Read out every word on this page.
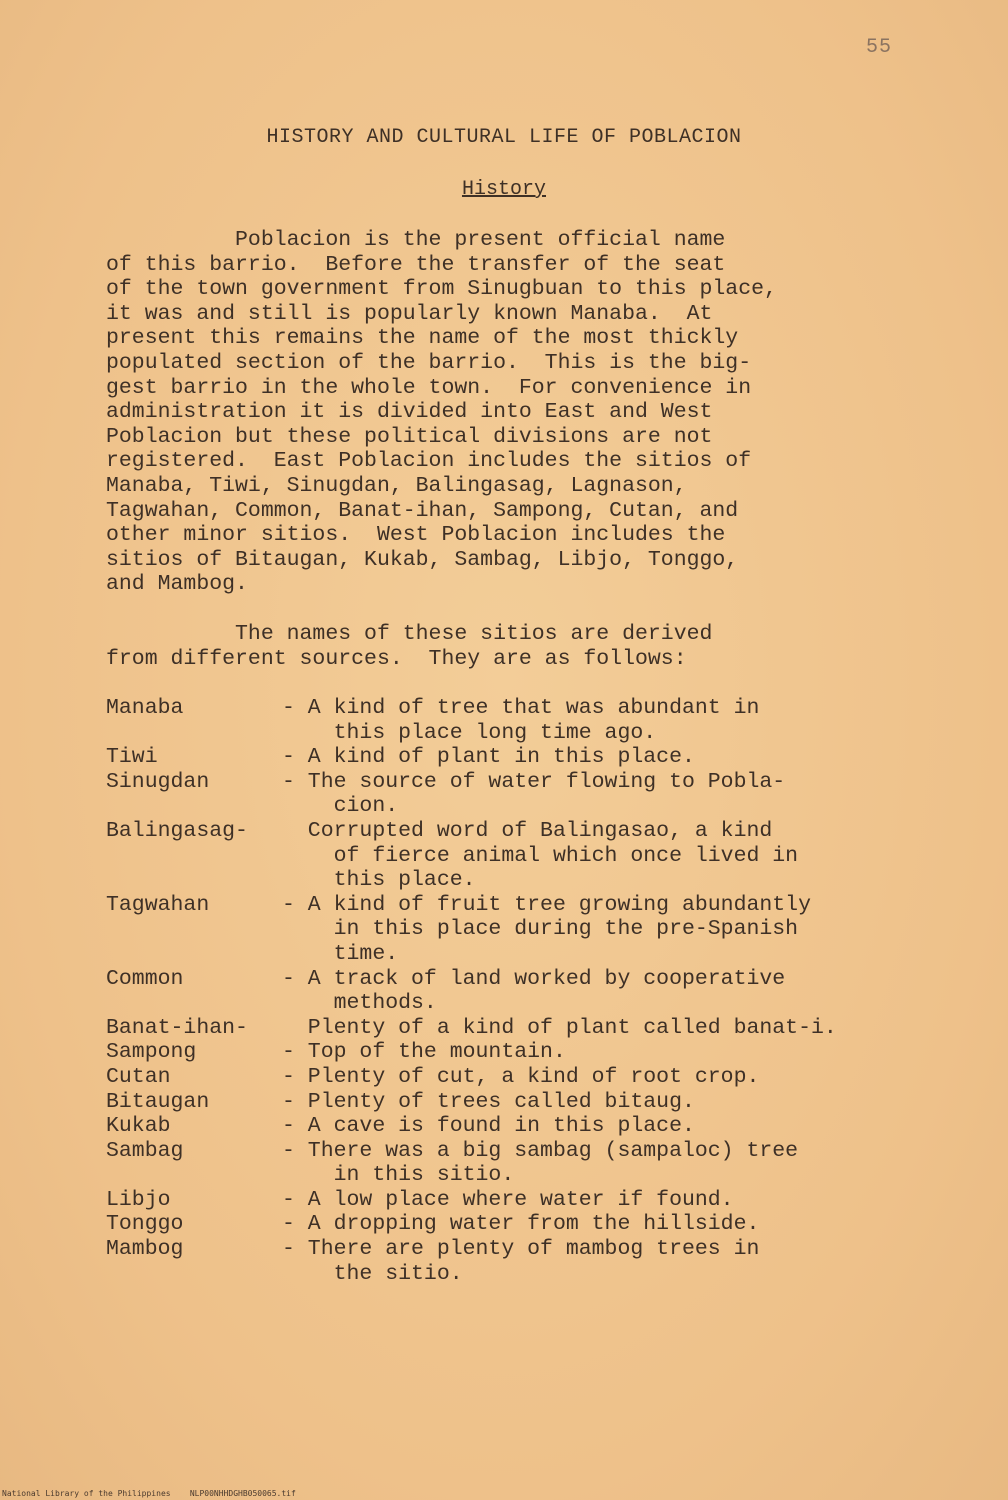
55
HISTORY AND CULTURAL LIFE OF POBLACION
History
Poblacion is the present official name
of this barrio.  Before the transfer of the seat
of the town government from Sinugbuan to this place,
it was and still is popularly known Manaba.  At
present this remains the name of the most thickly
populated section of the barrio.  This is the big-
gest barrio in the whole town.  For convenience in
administration it is divided into East and West
Poblacion but these political divisions are not
registered.  East Poblacion includes the sitios of
Manaba, Tiwi, Sinugdan, Balingasag, Lagnason,
Tagwahan, Common, Banat-ihan, Sampong, Cutan, and
other minor sitios.  West Poblacion includes the
sitios of Bitaugan, Kukab, Sambag, Libjo, Tonggo,
and Mambog.
The names of these sitios are derived
from different sources.  They are as follows:
Manaba	- A kind of tree that was abundant in
this place long time ago.
Tiwi	- A kind of plant in this place.
Sinugdan	- The source of water flowing to Pobla-
cion.
Balingasag-	Corrupted word of Balingasao, a kind
of fierce animal which once lived in
this place.
Tagwahan	- A kind of fruit tree growing abundantly
in this place during the pre-Spanish
time.
Common	- A track of land worked by cooperative
methods.
Banat-ihan-	Plenty of a kind of plant called banat-i.
Sampong	- Top of the mountain.
Cutan	- Plenty of cut, a kind of root crop.
Bitaugan	- Plenty of trees called bitaug.
Kukab	- A cave is found in this place.
Sambag	- There was a big sambag (sampaloc) tree
in this sitio.
Libjo	- A low place where water if found.
Tonggo	- A dropping water from the hillside.
Mambog	- There are plenty of mambog trees in
the sitio.
National Library of the Philippines    NLP00NHHDGHB050065.tif
